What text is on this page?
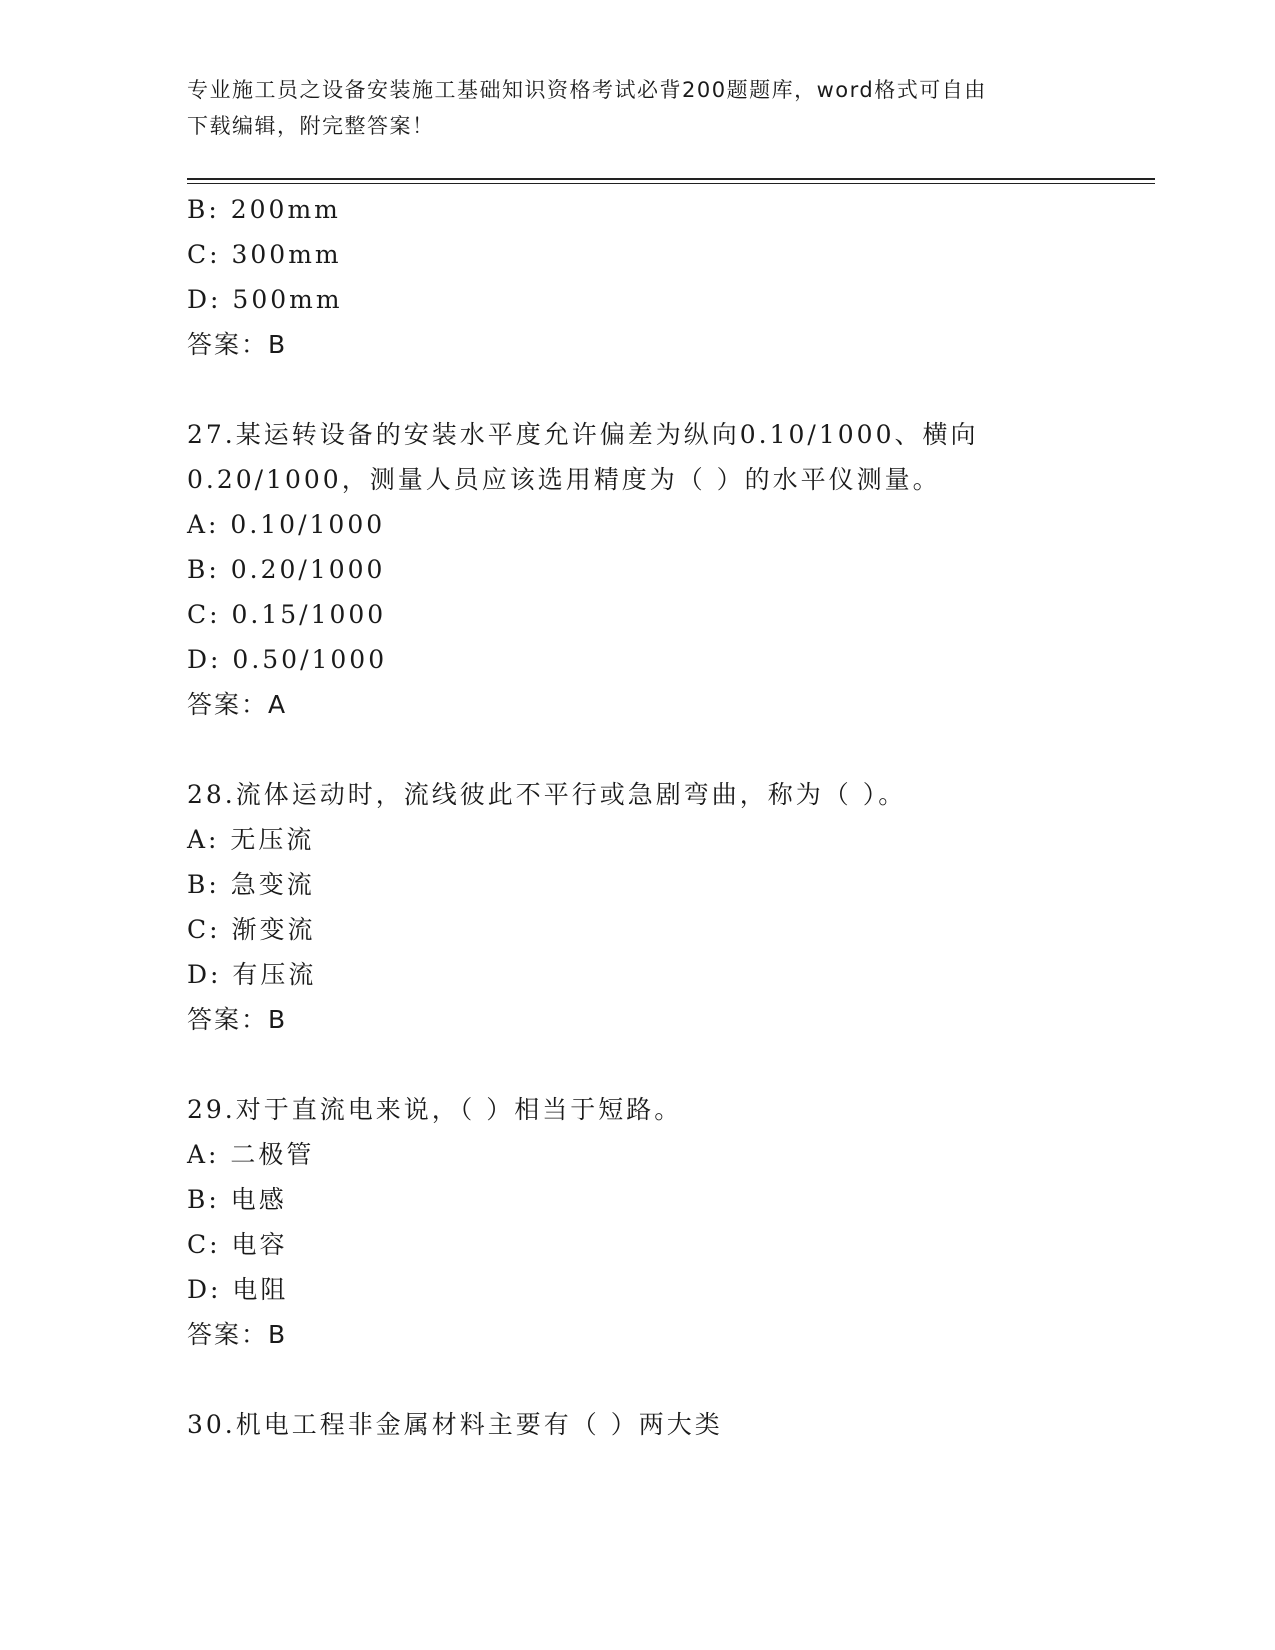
专业施工员之设备安装施工基础知识资格考试必背200题题库，word格式可自由
下载编辑，附完整答案！
B: 200mm
C: 300mm
D: 500mm
答案：B
27.某运转设备的安装水平度允许偏差为纵向0.10/1000、横向
0.20/1000，测量人员应该选用精度为（ ）的水平仪测量。
A: 0.10/1000
B: 0.20/1000
C: 0.15/1000
D: 0.50/1000
答案：A
28.流体运动时，流线彼此不平行或急剧弯曲，称为（ ）。
A: 无压流
B: 急变流
C: 渐变流
D: 有压流
答案：B
29.对于直流电来说，（ ）相当于短路。
A: 二极管
B: 电感
C: 电容
D: 电阻
答案：B
30.机电工程非金属材料主要有（ ）两大类
